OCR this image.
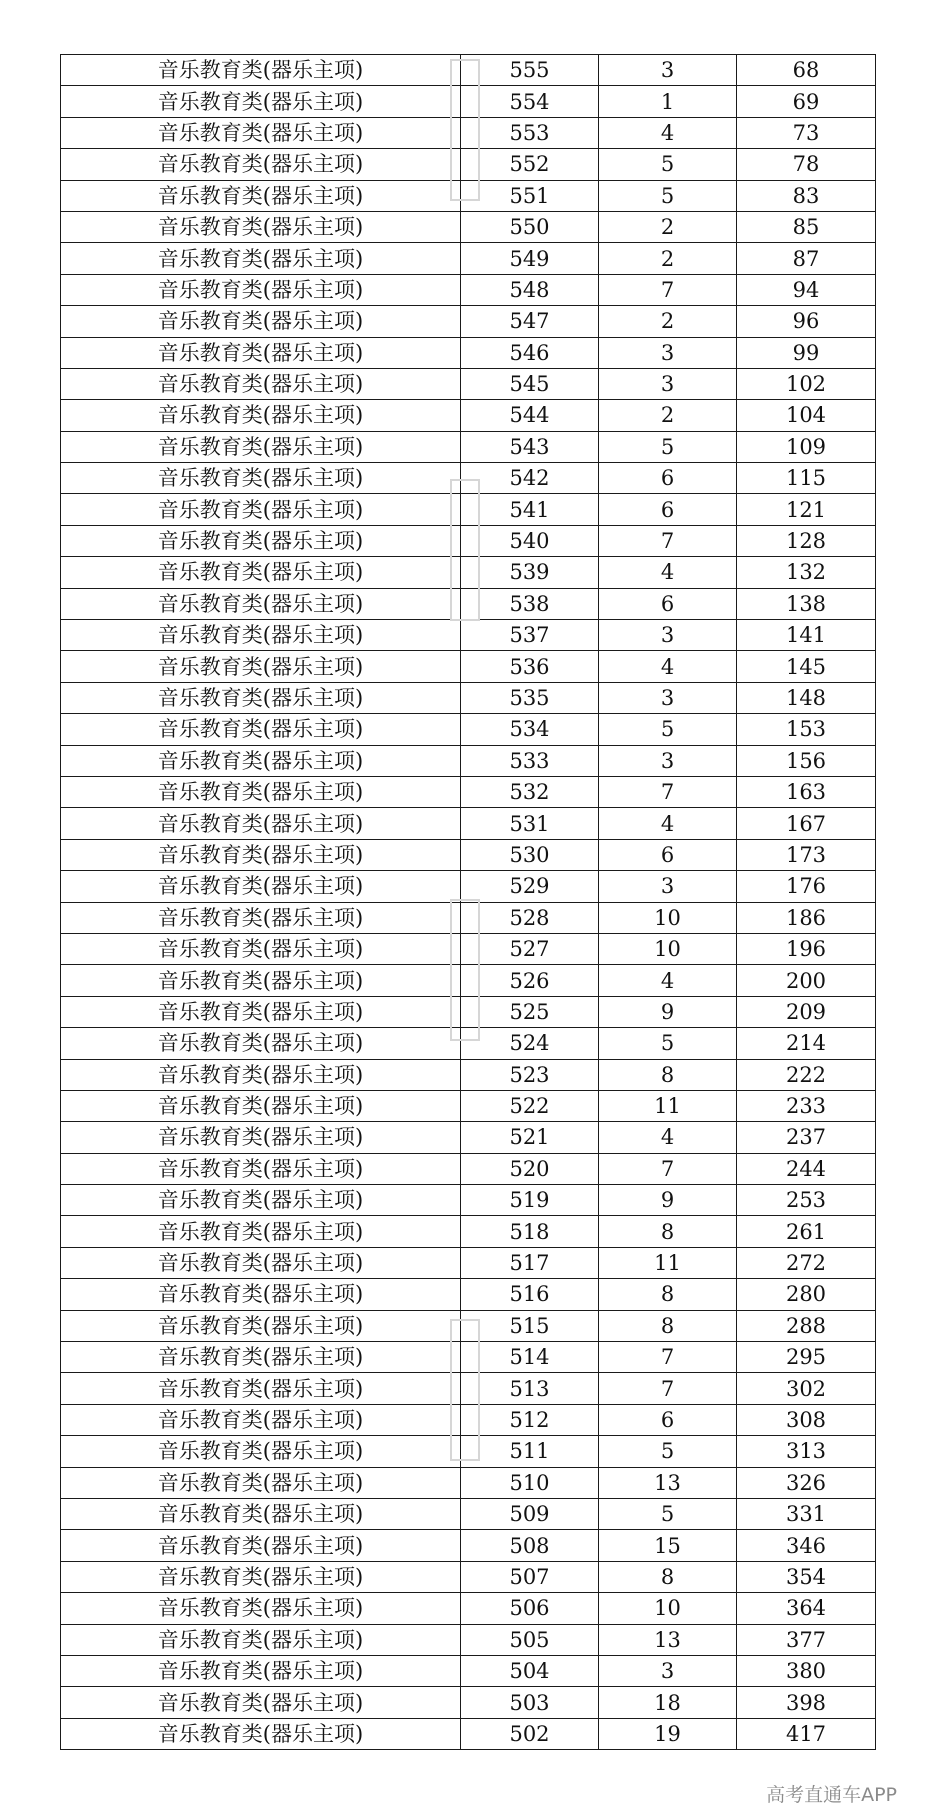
音乐教育类(器乐主项)	555	3	68
音乐教育类(器乐主项)	554	1	69
音乐教育类(器乐主项)	553	4	73
音乐教育类(器乐主项)	552	5	78
音乐教育类(器乐主项)	551	5	83
音乐教育类(器乐主项)	550	2	85
音乐教育类(器乐主项)	549	2	87
音乐教育类(器乐主项)	548	7	94
音乐教育类(器乐主项)	547	2	96
音乐教育类(器乐主项)	546	3	99
音乐教育类(器乐主项)	545	3	102
音乐教育类(器乐主项)	544	2	104
音乐教育类(器乐主项)	543	5	109
音乐教育类(器乐主项)	542	6	115
音乐教育类(器乐主项)	541	6	121
音乐教育类(器乐主项)	540	7	128
音乐教育类(器乐主项)	539	4	132
音乐教育类(器乐主项)	538	6	138
音乐教育类(器乐主项)	537	3	141
音乐教育类(器乐主项)	536	4	145
音乐教育类(器乐主项)	535	3	148
音乐教育类(器乐主项)	534	5	153
音乐教育类(器乐主项)	533	3	156
音乐教育类(器乐主项)	532	7	163
音乐教育类(器乐主项)	531	4	167
音乐教育类(器乐主项)	530	6	173
音乐教育类(器乐主项)	529	3	176
音乐教育类(器乐主项)	528	10	186
音乐教育类(器乐主项)	527	10	196
音乐教育类(器乐主项)	526	4	200
音乐教育类(器乐主项)	525	9	209
音乐教育类(器乐主项)	524	5	214
音乐教育类(器乐主项)	523	8	222
音乐教育类(器乐主项)	522	11	233
音乐教育类(器乐主项)	521	4	237
音乐教育类(器乐主项)	520	7	244
音乐教育类(器乐主项)	519	9	253
音乐教育类(器乐主项)	518	8	261
音乐教育类(器乐主项)	517	11	272
音乐教育类(器乐主项)	516	8	280
音乐教育类(器乐主项)	515	8	288
音乐教育类(器乐主项)	514	7	295
音乐教育类(器乐主项)	513	7	302
音乐教育类(器乐主项)	512	6	308
音乐教育类(器乐主项)	511	5	313
音乐教育类(器乐主项)	510	13	326
音乐教育类(器乐主项)	509	5	331
音乐教育类(器乐主项)	508	15	346
音乐教育类(器乐主项)	507	8	354
音乐教育类(器乐主项)	506	10	364
音乐教育类(器乐主项)	505	13	377
音乐教育类(器乐主项)	504	3	380
音乐教育类(器乐主项)	503	18	398
音乐教育类(器乐主项)	502	19	417
高考直通车APP
